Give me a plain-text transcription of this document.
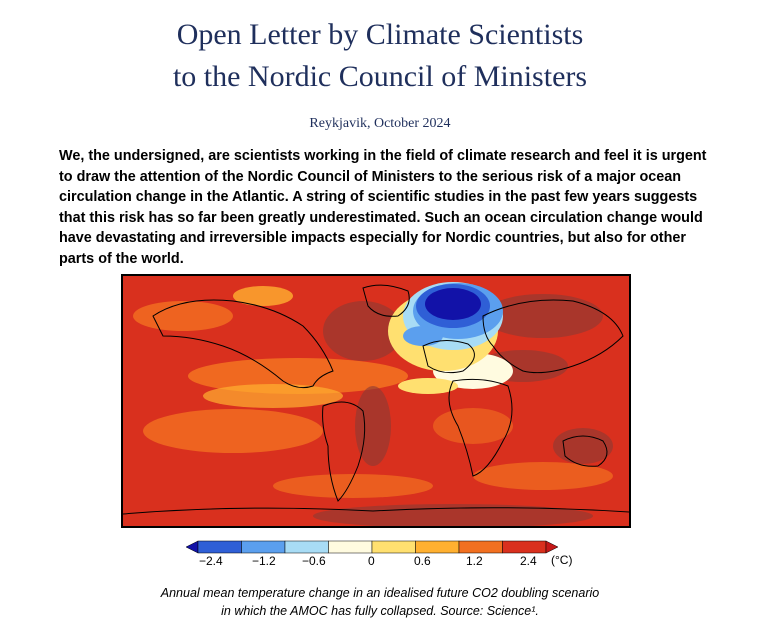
Open Letter by Climate Scientists
to the Nordic Council of Ministers
Reykjavik, October 2024

We, the undersigned, are scientists working in the field of climate research and feel it is urgent to draw the attention of the Nordic Council of Ministers to the serious risk of a major ocean circulation change in the Atlantic. A string of scientific studies in the past few years suggests that this risk has so far been greatly underestimated. Such an ocean circulation change would have devastating and irreversible impacts especially for Nordic countries, but also for other parts of the world.

−2.4 −1.2 −0.6	0	0.6	1.2	2.4 (°C)

Annual mean temperature change in an idealised future CO2 doubling scenario
in which the AMOC has fully collapsed. Source: Science¹.
